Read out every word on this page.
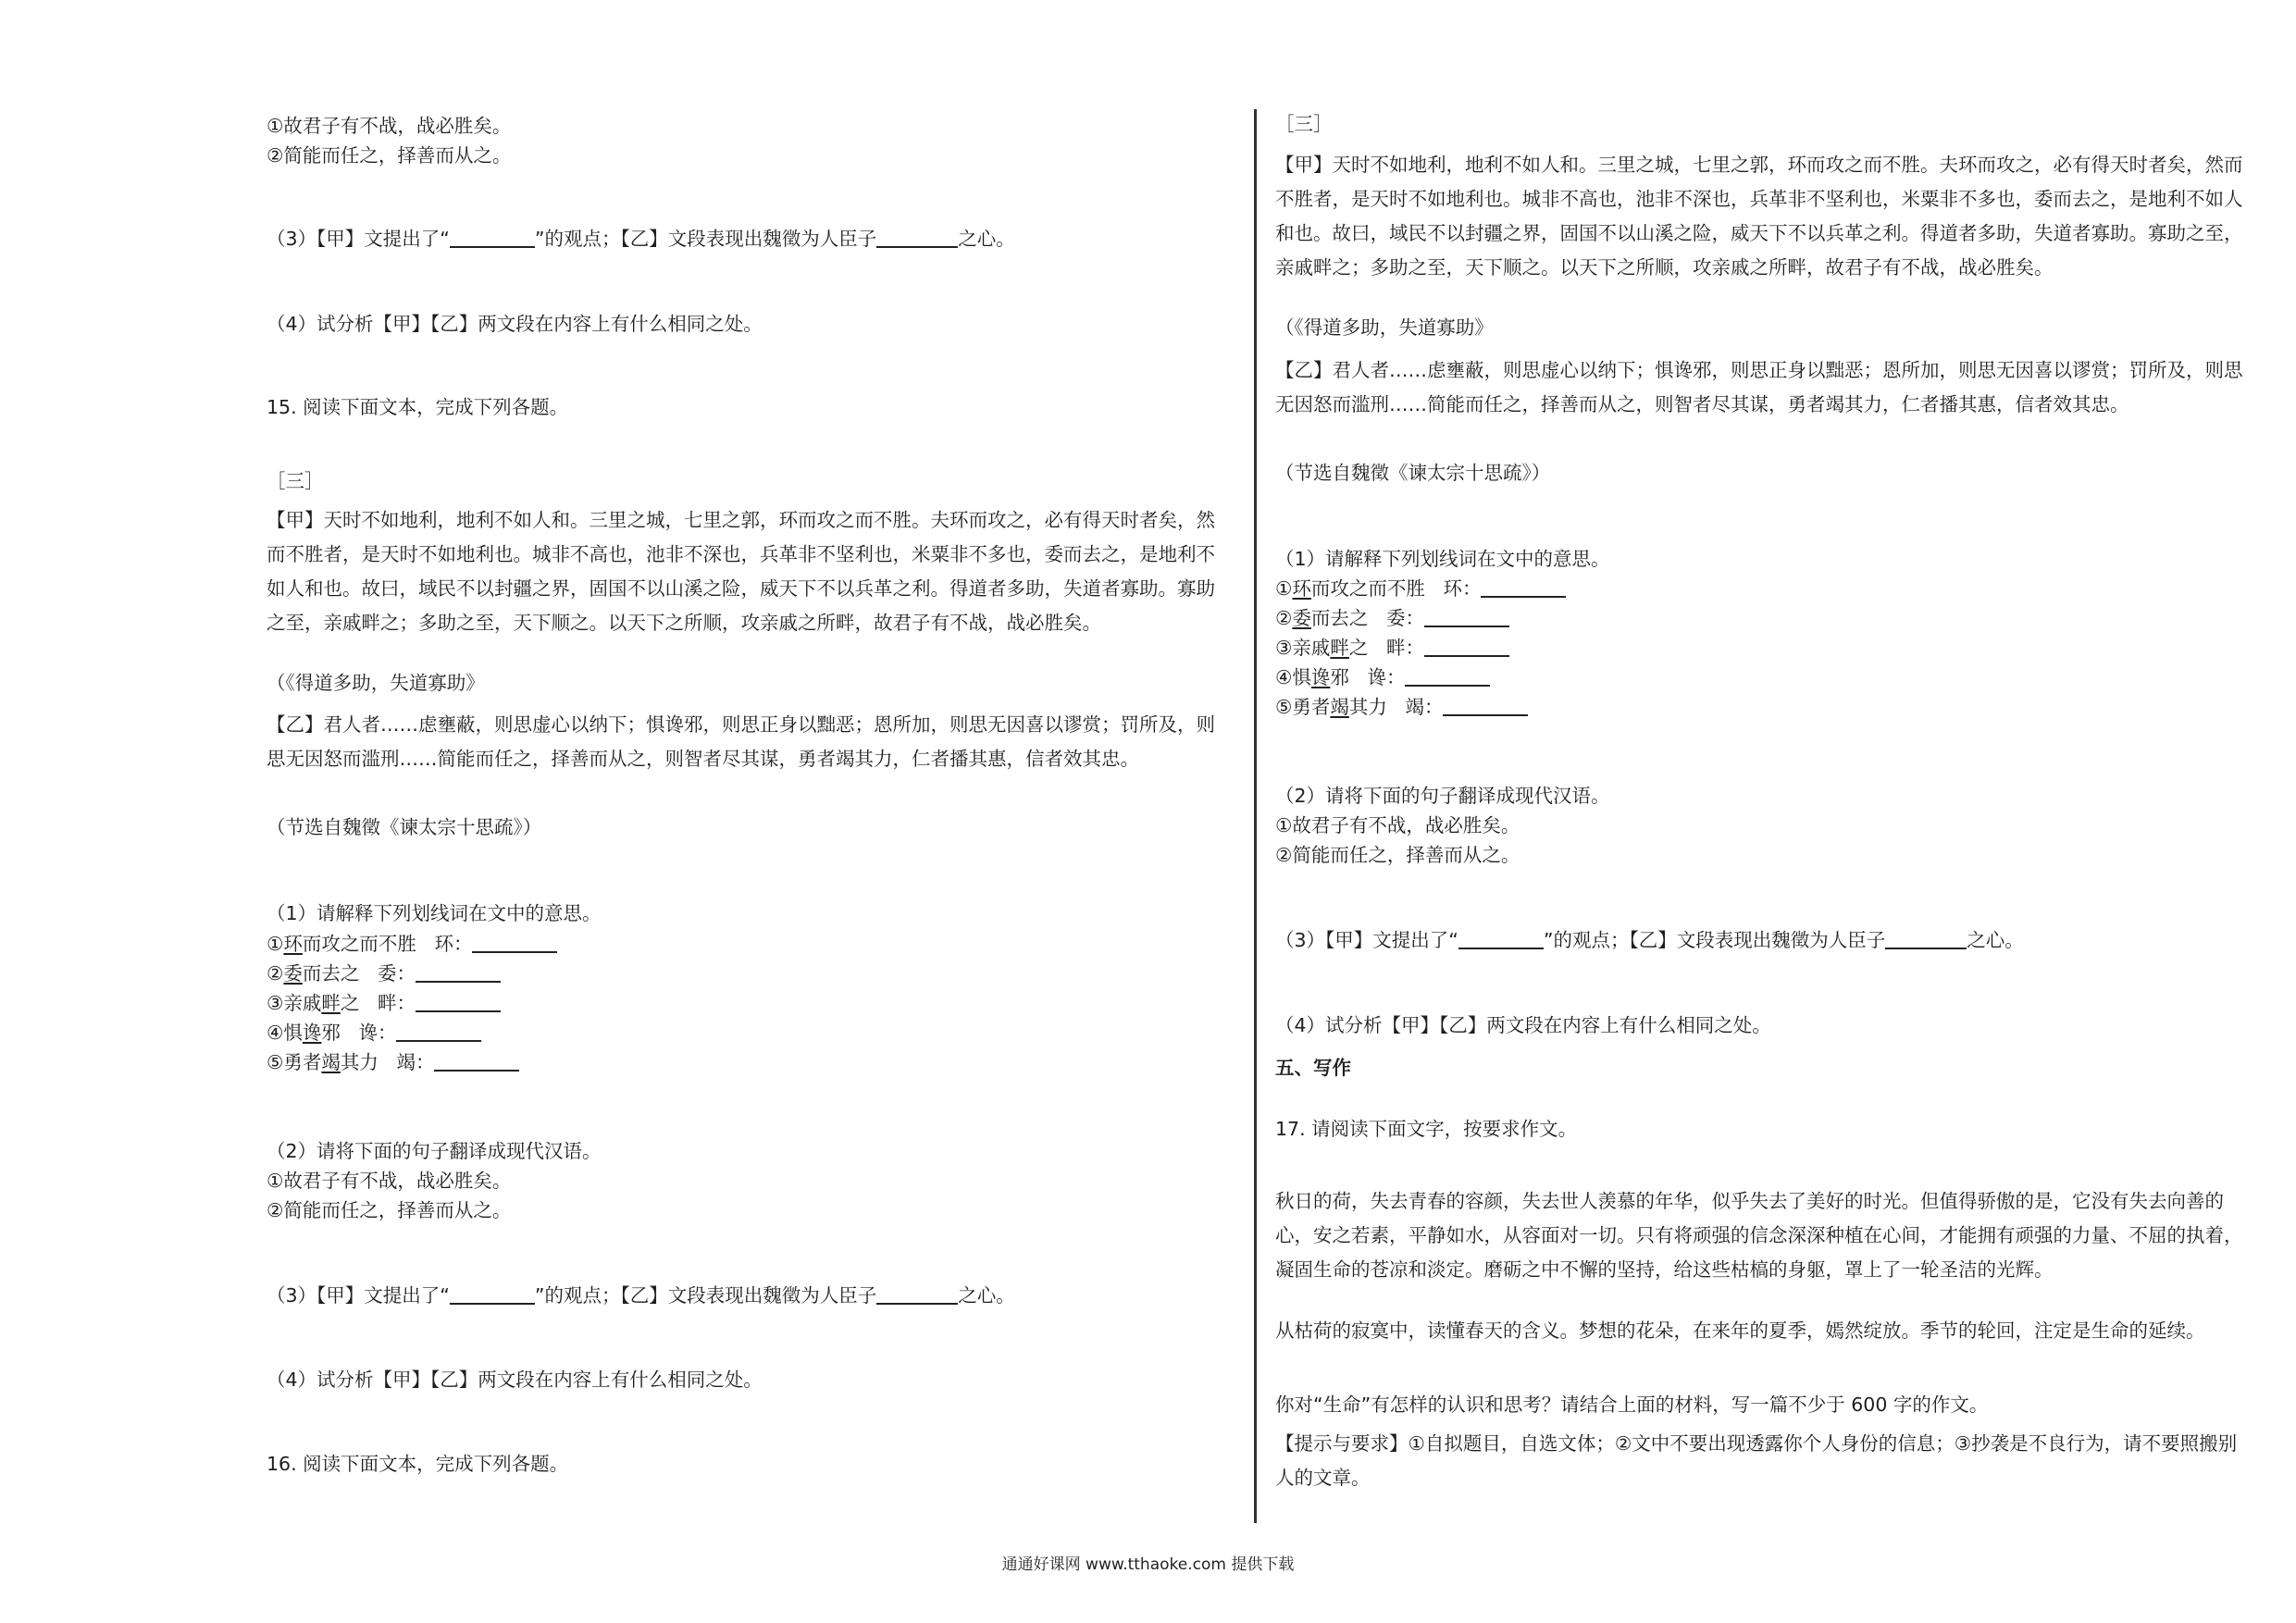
①故君子有不战，战必胜矣。
②简能而任之，择善而从之。
（3）【甲】文提出了“	”的观点；【乙】文段表现出魏徵为人臣子	之心。
（4）试分析【甲】【乙】两文段在内容上有什么相同之处。
15. 阅读下面文本，完成下列各题。
［三］
【甲】天时不如地利，地利不如人和。三里之城，七里之郭，环而攻之而不胜。夫环而攻之，必有得天时者矣，然而不胜者，是天时不如地利也。城非不高也，池非不深也，兵革非不坚利也，米粟非不多也，委而去之，是地利不如人和也。故曰，域民不以封疆之界，固国不以山溪之险，威天下不以兵革之利。得道者多助，失道者寡助。寡助之至，亲戚畔之；多助之至，天下顺之。以天下之所顺，攻亲戚之所畔，故君子有不战，战必胜矣。
（《得道多助，失道寡助》
【乙】君人者……虑壅蔽，则思虚心以纳下；惧谗邪，则思正身以黜恶；恩所加，则思无因喜以谬赏；罚所及，则思无因怒而滥刑……简能而任之，择善而从之，则智者尽其谋，勇者竭其力，仁者播其惠，信者效其忠。
（节选自魏徵《谏太宗十思疏》）
（1）请解释下列划线词在文中的意思。
①环而攻之而不胜 环：
②委而去之 委：
③亲戚畔之 畔：
④惧谗邪 谗：
⑤勇者竭其力 竭：
（2）请将下面的句子翻译成现代汉语。
①故君子有不战，战必胜矣。
②简能而任之，择善而从之。
（3）【甲】文提出了“	”的观点；【乙】文段表现出魏徵为人臣子	之心。
（4）试分析【甲】【乙】两文段在内容上有什么相同之处。
16. 阅读下面文本，完成下列各题。
［三］
【甲】天时不如地利，地利不如人和。三里之城，七里之郭，环而攻之而不胜。夫环而攻之，必有得天时者矣，然而不胜者，是天时不如地利也。城非不高也，池非不深也，兵革非不坚利也，米粟非不多也，委而去之，是地利不如人和也。故曰，域民不以封疆之界，固国不以山溪之险，威天下不以兵革之利。得道者多助，失道者寡助。寡助之至，亲戚畔之；多助之至，天下顺之。以天下之所顺，攻亲戚之所畔，故君子有不战，战必胜矣。
（《得道多助，失道寡助》
【乙】君人者……虑壅蔽，则思虚心以纳下；惧谗邪，则思正身以黜恶；恩所加，则思无因喜以谬赏；罚所及，则思无因怒而滥刑……简能而任之，择善而从之，则智者尽其谋，勇者竭其力，仁者播其惠，信者效其忠。
（节选自魏徵《谏太宗十思疏》）
（1）请解释下列划线词在文中的意思。
①环而攻之而不胜 环：
②委而去之 委：
③亲戚畔之 畔：
④惧谗邪 谗：
⑤勇者竭其力 竭：
（2）请将下面的句子翻译成现代汉语。
①故君子有不战，战必胜矣。
②简能而任之，择善而从之。
（3）【甲】文提出了“	”的观点；【乙】文段表现出魏徵为人臣子	之心。
（4）试分析【甲】【乙】两文段在内容上有什么相同之处。
五、写作
17. 请阅读下面文字，按要求作文。
秋日的荷，失去青春的容颜，失去世人羡慕的年华，似乎失去了美好的时光。但值得骄傲的是，它没有失去向善的心，安之若素，平静如水，从容面对一切。只有将顽强的信念深深种植在心间，才能拥有顽强的力量、不屈的执着，凝固生命的苍凉和淡定。磨砺之中不懈的坚持，给这些枯槁的身躯，罩上了一轮圣洁的光辉。
从枯荷的寂寞中，读懂春天的含义。梦想的花朵，在来年的夏季，嫣然绽放。季节的轮回，注定是生命的延续。
你对“生命”有怎样的认识和思考？请结合上面的材料，写一篇不少于 600 字的作文。
【提示与要求】①自拟题目，自选文体；②文中不要出现透露你个人身份的信息；③抄袭是不良行为，请不要照搬别人的文章。
通通好课网 www.tthaoke.com 提供下载
